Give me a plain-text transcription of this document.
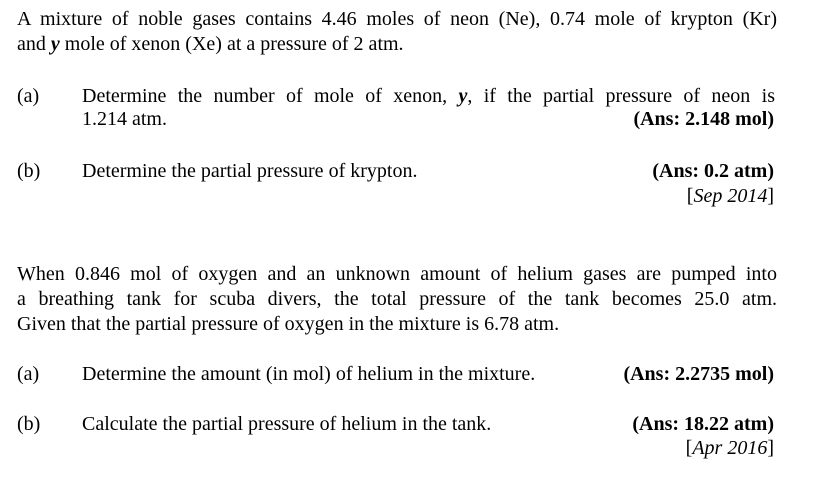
A mixture of noble gases contains 4.46 moles of neon (Ne), 0.74 mole of krypton (Kr)
and y mole of xenon (Xe) at a pressure of 2 atm.
(a) Determine the number of mole of xenon, y, if the partial pressure of neon is
1.214 atm.	(Ans: 2.148 mol)
(b) Determine the partial pressure of krypton.	(Ans: 0.2 atm)
[Sep 2014]
When 0.846 mol of oxygen and an unknown amount of helium gases are pumped into
a breathing tank for scuba divers, the total pressure of the tank becomes 25.0 atm.
Given that the partial pressure of oxygen in the mixture is 6.78 atm.
(a) Determine the amount (in mol) of helium in the mixture.	(Ans: 2.2735 mol)
(b) Calculate the partial pressure of helium in the tank.	(Ans: 18.22 atm)
[Apr 2016]
